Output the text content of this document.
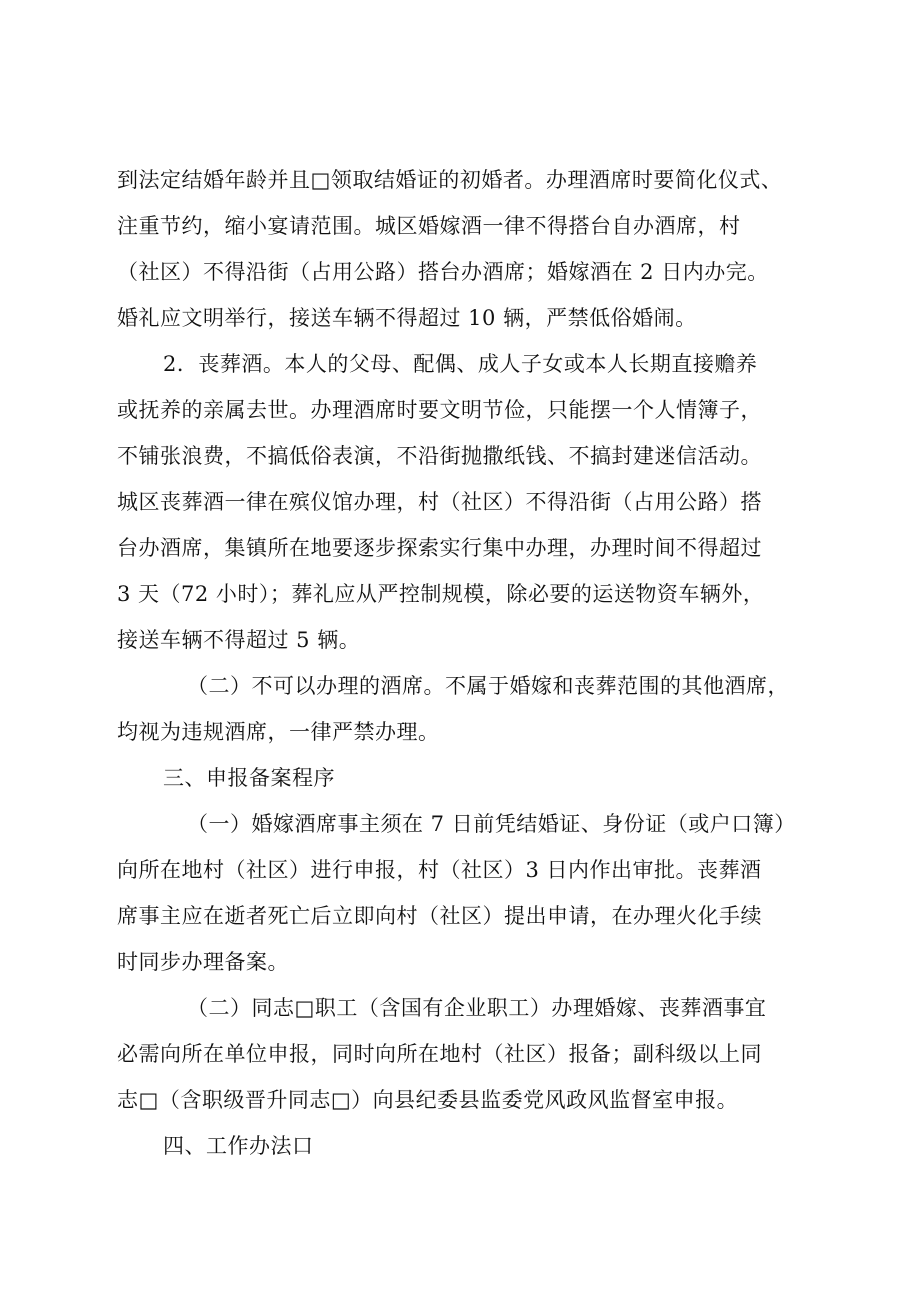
到法定结婚年龄并且□领取结婚证的初婚者。办理酒席时要简化仪式、
注重节约，缩小宴请范围。城区婚嫁酒一律不得搭台自办酒席，村
（社区）不得沿街（占用公路）搭台办酒席；婚嫁酒在 2 日内办完。
婚礼应文明举行，接送车辆不得超过 10 辆，严禁低俗婚闹。
2．丧葬酒。本人的父母、配偶、成人子女或本人长期直接赡养
或抚养的亲属去世。办理酒席时要文明节俭，只能摆一个人情簿子，
不铺张浪费，不搞低俗表演，不沿街抛撒纸钱、不搞封建迷信活动。
城区丧葬酒一律在殡仪馆办理，村（社区）不得沿街（占用公路）搭
台办酒席，集镇所在地要逐步探索实行集中办理，办理时间不得超过
3 天（72 小时）；葬礼应从严控制规模，除必要的运送物资车辆外，
接送车辆不得超过 5 辆。
（二）不可以办理的酒席。不属于婚嫁和丧葬范围的其他酒席，
均视为违规酒席，一律严禁办理。
三、申报备案程序
（一）婚嫁酒席事主须在 7 日前凭结婚证、身份证（或户口簿）
向所在地村（社区）进行申报，村（社区）3 日内作出审批。丧葬酒
席事主应在逝者死亡后立即向村（社区）提出申请，在办理火化手续
时同步办理备案。
（二）同志□职工（含国有企业职工）办理婚嫁、丧葬酒事宜
必需向所在单位申报，同时向所在地村（社区）报备；副科级以上同
志□（含职级晋升同志□）向县纪委县监委党风政风监督室申报。
四、工作办法口
